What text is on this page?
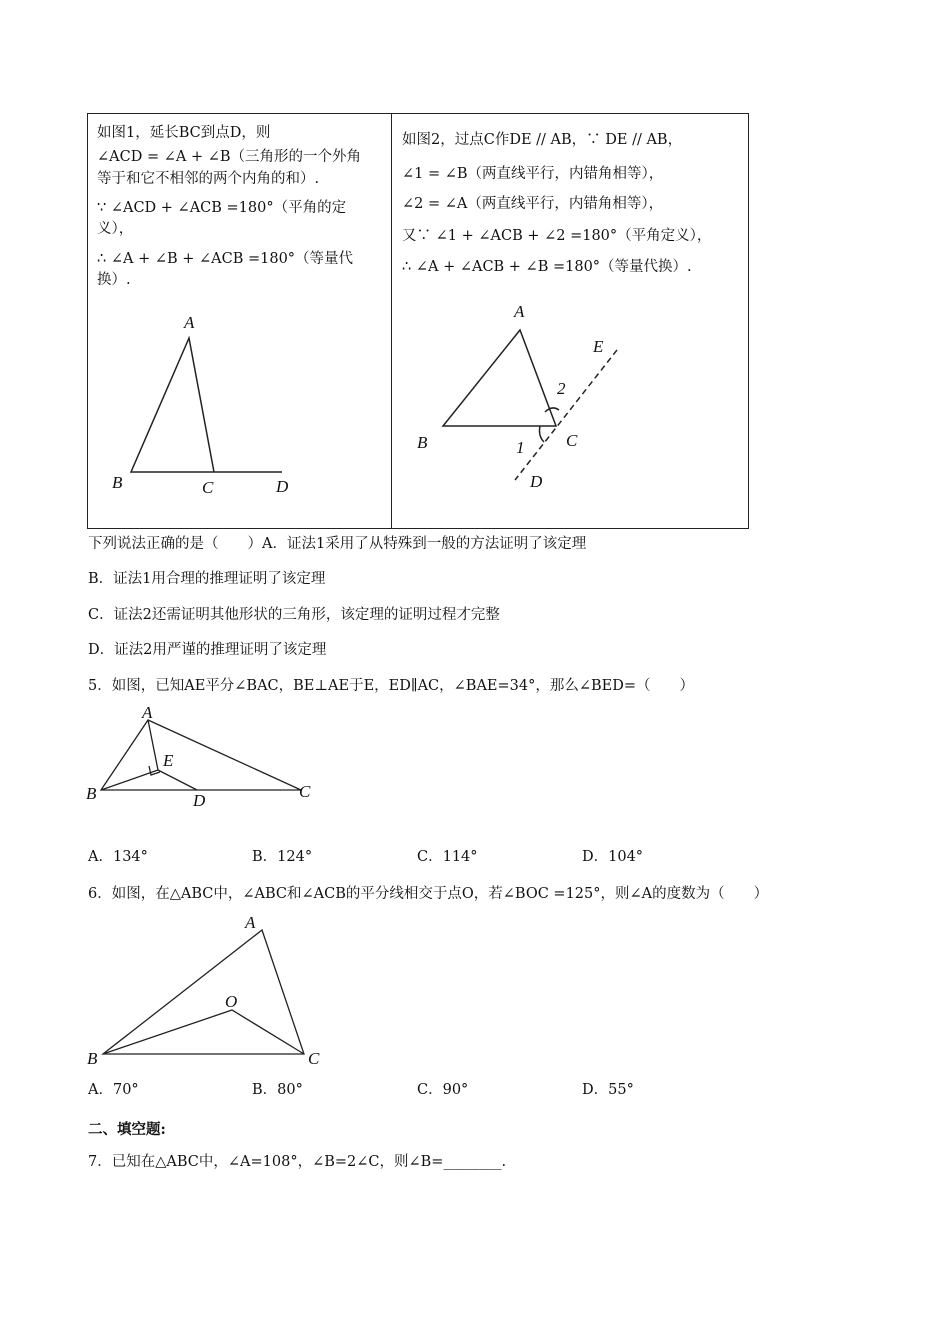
如图1，延长BC到点D，则
∠ACD = ∠A + ∠B（三角形的一个外角
等于和它不相邻的两个内角的和）.
∵ ∠ACD + ∠ACB =180°（平角的定
义），
∴ ∠A + ∠B + ∠ACB =180°（等量代
换）.
如图2，过点C作DE // AB，∵ DE // AB，
∠1 = ∠B（两直线平行，内错角相等），
∠2 = ∠A（两直线平行，内错角相等），
又∵ ∠1 + ∠ACB + ∠2 =180°（平角定义），
∴ ∠A + ∠ACB + ∠B =180°（等量代换）.
A
B	C	D
A
E
2
B	C
1
D
A
E
B	D	C
A
O
B	C
下列说法正确的是（　　）A．证法1采用了从特殊到一般的方法证明了该定理
B．证法1用合理的推理证明了该定理
C．证法2还需证明其他形状的三角形，该定理的证明过程才完整
D．证法2用严谨的推理证明了该定理
5．如图，已知AE平分∠BAC，BE⊥AE于E，ED∥AC，∠BAE=34°，那么∠BED=（　　）
A．134°	B．124°	C．114°	D．104°
6．如图，在△ABC中，∠ABC和∠ACB的平分线相交于点O，若∠BOC =125°，则∠A的度数为（　　）
A．70°	B．80°	C．90°	D．55°
二、填空题:
7．已知在△ABC中，∠A=108°，∠B=2∠C，则∠B=________.
